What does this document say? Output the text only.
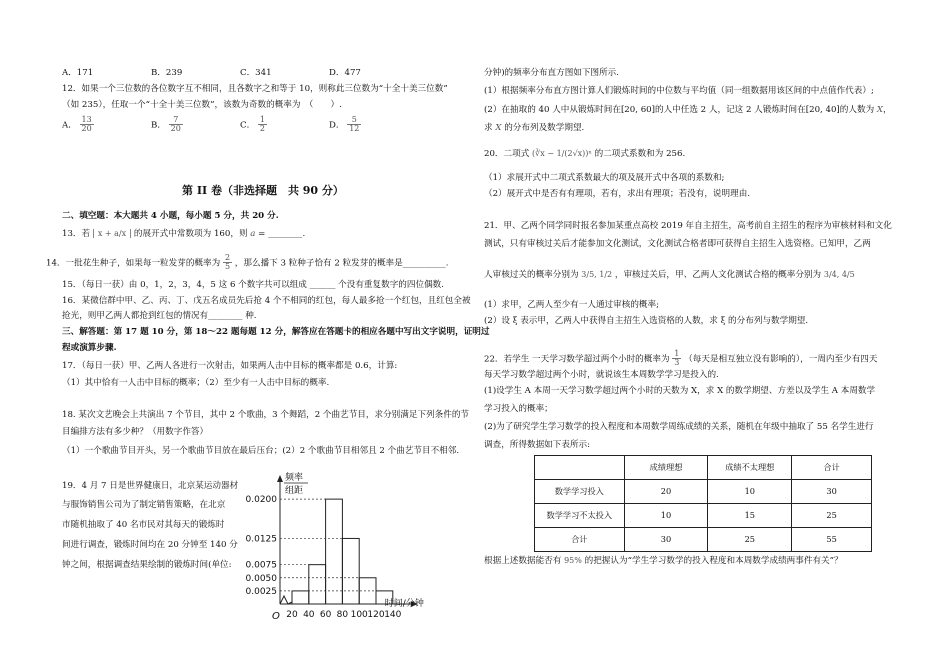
A．171	B．239	C．341	D．477
12．如果一个三位数的各位数字互不相同，且各数字之和等于 10，则称此三位数为“十全十美三位数”
（如 235），任取一个“十全十美三位数”，该数为奇数的概率为　（　　）.
A． $\frac{13}{20}$	B． $\frac{7}{20}$	C． $\frac{1}{2}$	D． $\frac{5}{12}$
第 II 卷（非选择题　共 90 分）
二、填空题：本大题共 4 小题，每小题 5 分，共 20 分.
13．若 x + a/x 的展开式中常数项为 160，则 a = ________.
14．一批花生种子，如果每一粒发芽的概率为 $\frac{2}{5}$ ，那么播下 3 粒种子恰有 2 粒发芽的概率是__________.
15．（每日一获）由 0，1，2，3，4，5 这 6 个数字共可以组成 ______ 个没有重复数字的四位偶数.
16．某微信群中甲、乙、丙、丁、戊五名成员先后抢 4 个不相同的红包，每人最多抢一个红包，且红包全被
抢光，则甲乙两人都抢到红包的情况有________ 种.
三、解答题：第 17 题 10 分，第 18～22 题每题 12 分，解答应在答题卡的相应各题中写出文字说明，证明过
程或演算步骤.
17．（每日一获）甲、乙两人各进行一次射击，如果两人击中目标的概率都是 0.6，计算:
（1）其中恰有一人击中目标的概率；（2）至少有一人击中目标的概率.
18. 某次文艺晚会上共演出 7 个节目，其中 2 个歌曲，3 个舞蹈，2 个曲艺节目，求分别满足下列条件的节
目编排方法有多少种？（用数字作答）
（1）一个歌曲节目开头，另一个歌曲节目放在最后压台；(2）2 个歌曲节目相邻且 2 个曲艺节目不相邻.
19．4 月 7 日是世界健康日，北京某运动器材
与服饰销售公司为了制定销售策略，在北京
市随机抽取了 40 名市民对其每天的锻炼时
间进行调查，锻炼时间均在 20 分钟至 140 分
钟之间，根据调查结果绘制的锻炼时间(单位:
0.0200
0.0125
0.0075
0.0050
0.0025
20 40 60 80 100 120 140
O
频率
组距
时间/分钟
分钟)的频率分布直方图如下图所示.
(1）根据频率分布直方图计算人们锻炼时间的中位数与平均值（同一组数据用该区间的中点值作代表）;
(2）在抽取的 40 人中从锻炼时间在[20, 60]的人中任选 2 人，记这 2 人锻炼时间在[20, 40]的人数为 X，
求 X 的分布列及数学期望.
20．二项式 (∛x − 1/(2√x))ⁿ 的二项式系数和为 256.
（1）求展开式中二项式系数最大的项及展开式中各项的系数和;
（2）展开式中是否有有理项，若有，求出有理项；若没有，说明理由.
21．甲、乙两个同学同时报名参加某重点高校 2019 年自主招生，高考前自主招生的程序为审核材料和文化
测试，只有审核过关后才能参加文化测试，文化测试合格者即可获得自主招生入选资格。已知甲，乙两
人审核过关的概率分别为 3/5, 1/2 ，审核过关后，甲、乙两人文化测试合格的概率分别为 3/4, 4/5
(1）求甲，乙两人至少有一人通过审核的概率;
(2）设 ξ 表示甲，乙两人中获得自主招生入选资格的人数，求 ξ 的分布列与数学期望.
22．若学生 一天学习数学超过两个小时的概率为 $\frac{1}{3}$ （每天是相互独立没有影响的），一周内至少有四天
每天学习数学超过两个小时，就说该生本周数学学习是投入的.
(1)设学生 A 本周一天学习数学超过两个小时的天数为 X，求 X 的数学期望、方差以及学生 A 本周数学
学习投入的概率；
(2)为了研究学生学习数学的投入程度和本周数学周练成绩的关系，随机在年级中抽取了 55 名学生进行
调查，所得数据如下表所示:
	成绩理想	成绩不太理想	合计
数学学习投入	20	10	30
数学学习不太投入	10	15	25
合计	30	25	55
根据上述数据能否有 95% 的把握认为“学生学习数学的投入程度和本周数学成绩两事件有关”？
